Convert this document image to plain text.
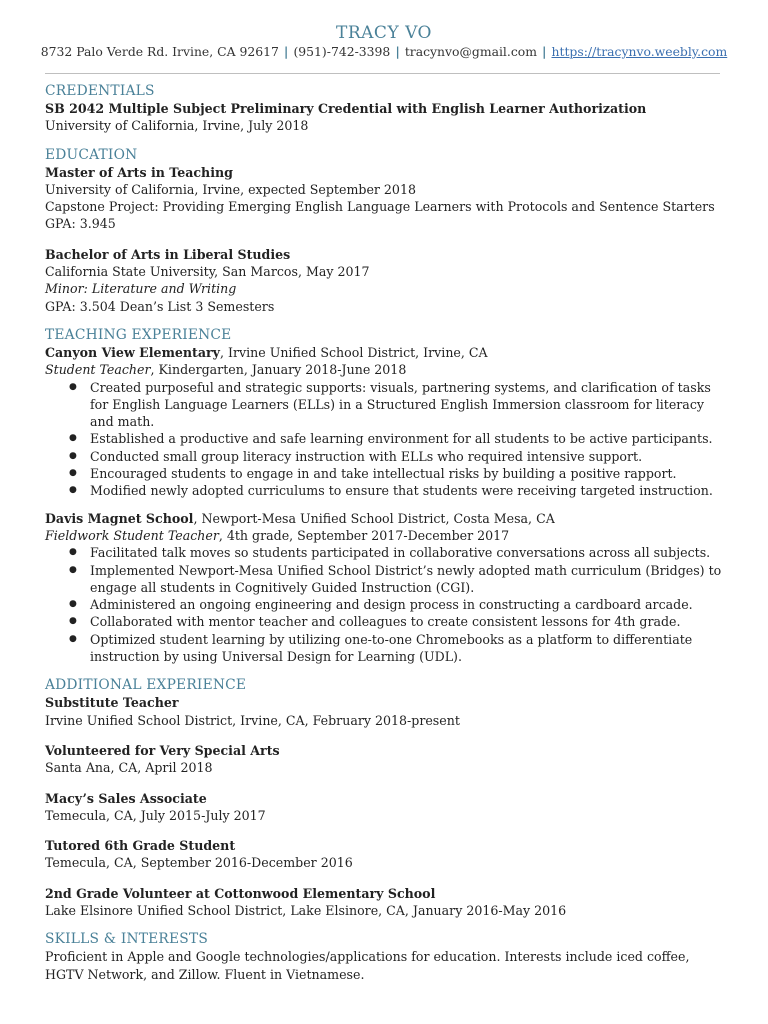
TRACY VO
8732 Palo Verde Rd. Irvine, CA 92617 | (951)-742-3398 | tracynvo@gmail.com | https://tracynvo.weebly.com
CREDENTIALS

SB 2042 Multiple Subject Preliminary Credential with English Learner Authorization

University of California, Irvine, July 2018

EDUCATION

Master of Arts in Teaching

University of California, Irvine, expected September 2018

Capstone Project: Providing Emerging English Language Learners with Protocols and Sentence Starters

GPA: 3.945

Bachelor of Arts in Liberal Studies

California State University, San Marcos, May 2017

Minor: Literature and Writing

GPA: 3.504 Dean’s List 3 Semesters

TEACHING EXPERIENCE

Canyon View Elementary, Irvine Unified School District, Irvine, CA

Student Teacher, Kindergarten, January 2018-June 2018

● Created purposeful and strategic supports: visuals, partnering systems, and clarification of tasks for English Language Learners (ELLs) in a Structured English Immersion classroom for literacy and math.
● Established a productive and safe learning environment for all students to be active participants.
● Conducted small group literacy instruction with ELLs who required intensive support.
● Encouraged students to engage in and take intellectual risks by building a positive rapport.
● Modified newly adopted curriculums to ensure that students were receiving targeted instruction.

Davis Magnet School, Newport-Mesa Unified School District, Costa Mesa, CA

Fieldwork Student Teacher, 4th grade, September 2017-December 2017

● Facilitated talk moves so students participated in collaborative conversations across all subjects.
● Implemented Newport-Mesa Unified School District’s newly adopted math curriculum (Bridges) to engage all students in Cognitively Guided Instruction (CGI).
● Administered an ongoing engineering and design process in constructing a cardboard arcade.
● Collaborated with mentor teacher and colleagues to create consistent lessons for 4th grade.
● Optimized student learning by utilizing one-to-one Chromebooks as a platform to differentiate instruction by using Universal Design for Learning (UDL).
ADDITIONAL EXPERIENCE

Substitute Teacher

Irvine Unified School District, Irvine, CA, February 2018-present

Volunteered for Very Special Arts

Santa Ana, CA, April 2018

Macy’s Sales Associate

Temecula, CA, July 2015-July 2017

Tutored 6th Grade Student

Temecula, CA, September 2016-December 2016

2nd Grade Volunteer at Cottonwood Elementary School

Lake Elsinore Unified School District, Lake Elsinore, CA, January 2016-May 2016

SKILLS & INTERESTS

Proficient in Apple and Google technologies/applications for education. Interests include iced coffee, HGTV Network, and Zillow. Fluent in Vietnamese.
